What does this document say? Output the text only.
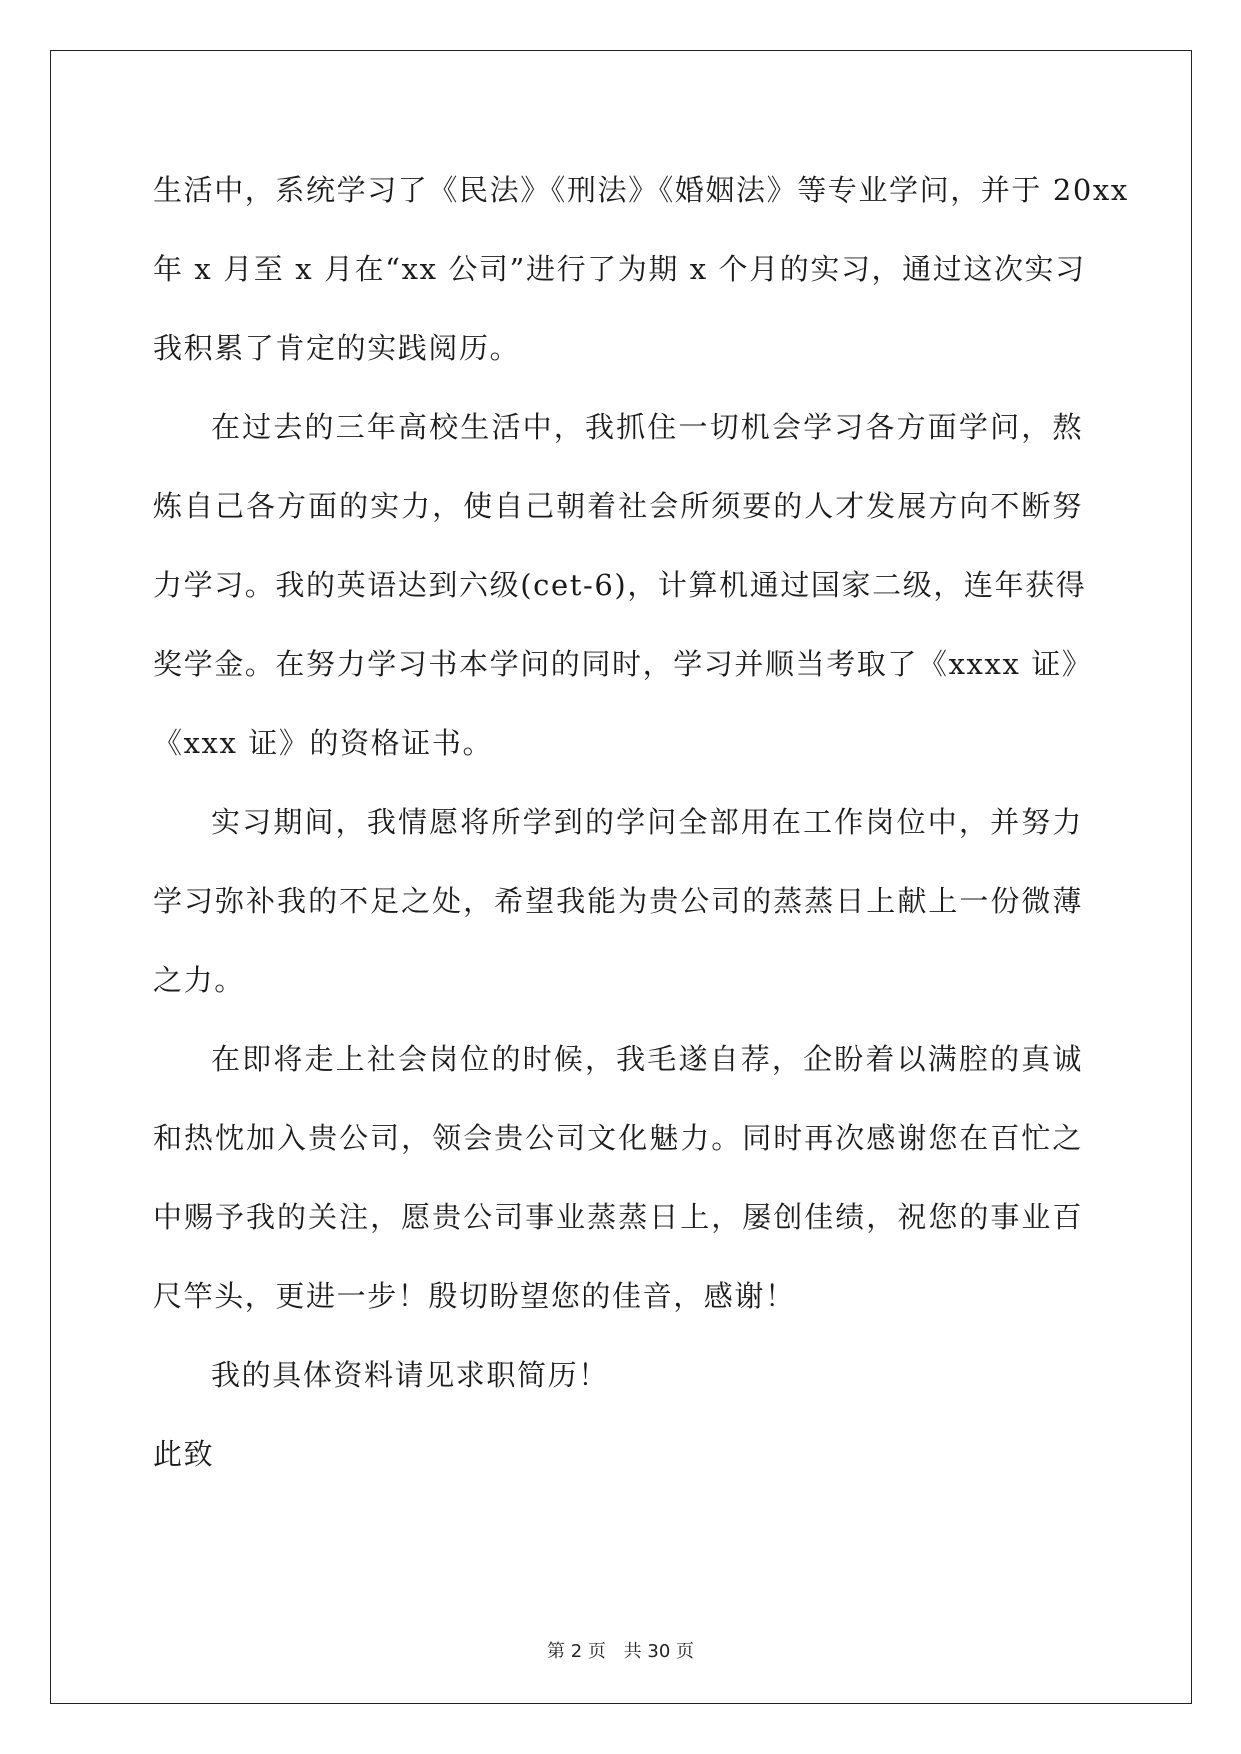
生活中，系统学习了《民法》《刑法》《婚姻法》等专业学问，并于 20xx
年 x 月至 x 月在“xx 公司”进行了为期 x 个月的实习，通过这次实习
我积累了肯定的实践阅历。
在过去的三年高校生活中，我抓住一切机会学习各方面学问，熬
炼自己各方面的实力，使自己朝着社会所须要的人才发展方向不断努
力学习。我的英语达到六级(cet-6)，计算机通过国家二级，连年获得
奖学金。在努力学习书本学问的同时，学习并顺当考取了《xxxx 证》
《xxx 证》的资格证书。
实习期间，我情愿将所学到的学问全部用在工作岗位中，并努力
学习弥补我的不足之处，希望我能为贵公司的蒸蒸日上献上一份微薄
之力。
在即将走上社会岗位的时候，我毛遂自荐，企盼着以满腔的真诚
和热忱加入贵公司，领会贵公司文化魅力。同时再次感谢您在百忙之
中赐予我的关注，愿贵公司事业蒸蒸日上，屡创佳绩，祝您的事业百
尺竿头，更进一步！殷切盼望您的佳音，感谢！
我的具体资料请见求职简历！
此致
第 2 页 共 30 页
